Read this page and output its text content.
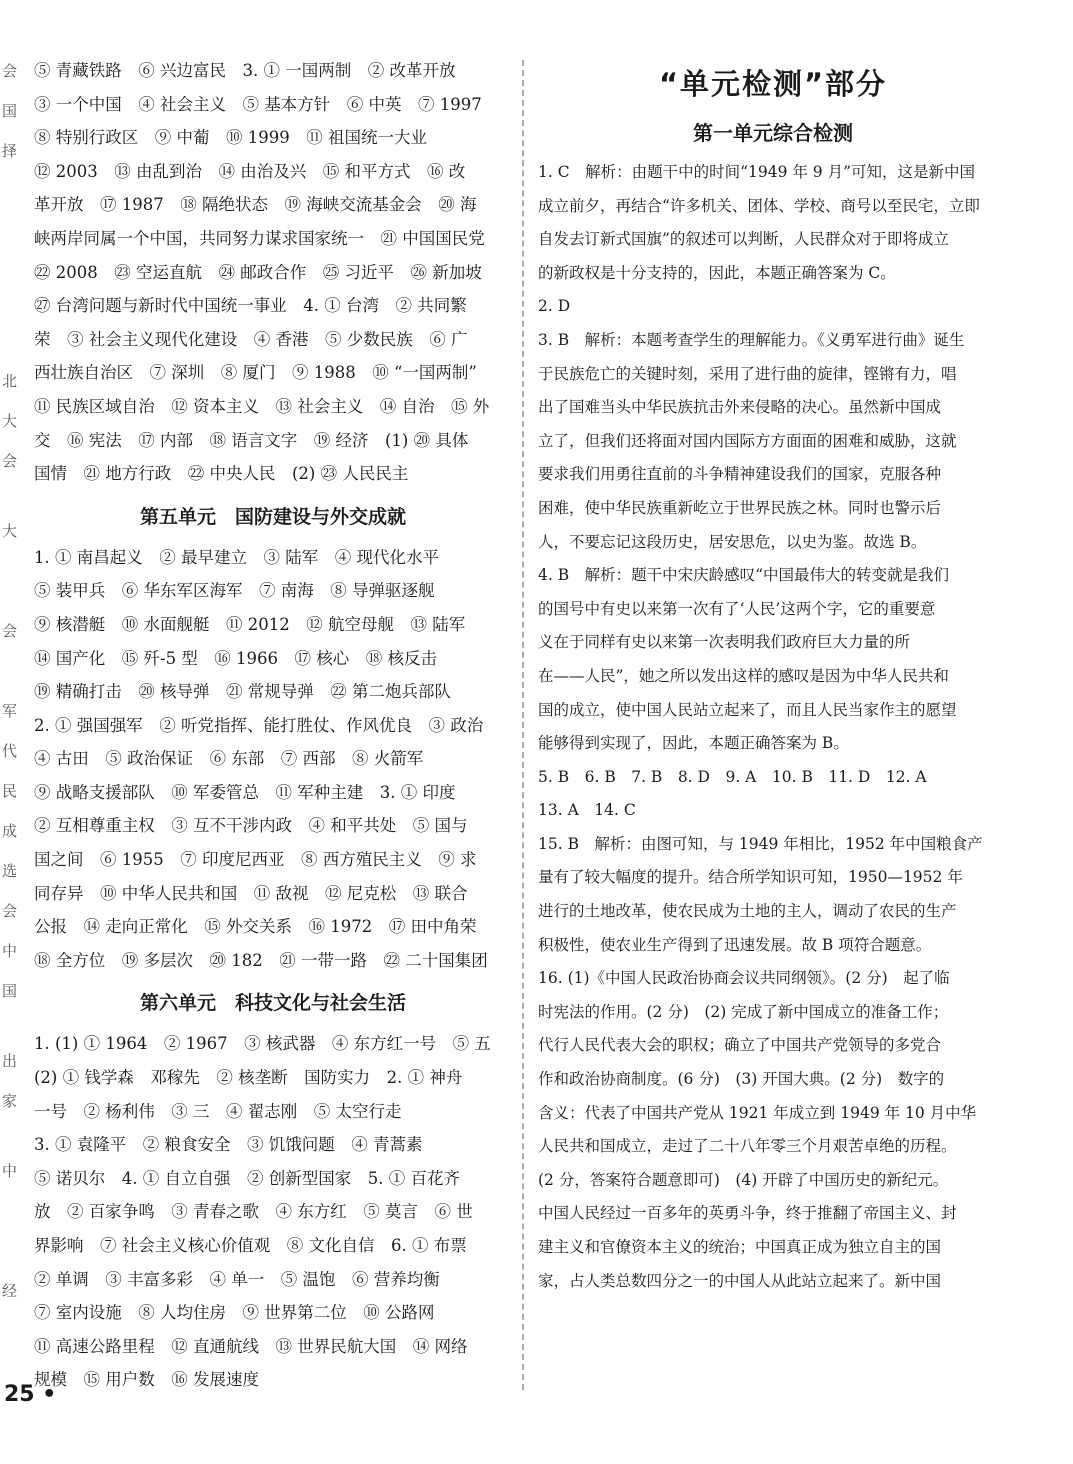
会
国
择
北
大
会
大
会
军
代
民
成
选
会
中
国
出
家
中
经
⑤ 青藏铁路　⑥ 兴边富民　3. ① 一国两制　② 改革开放
③ 一个中国　④ 社会主义　⑤ 基本方针　⑥ 中英　⑦ 1997
⑧ 特别行政区　⑨ 中葡　⑩ 1999　⑪ 祖国统一大业
⑫ 2003　⑬ 由乱到治　⑭ 由治及兴　⑮ 和平方式　⑯ 改
革开放　⑰ 1987　⑱ 隔绝状态　⑲ 海峡交流基金会　⑳ 海
峡两岸同属一个中国，共同努力谋求国家统一　㉑ 中国国民党
㉒ 2008　㉓ 空运直航　㉔ 邮政合作　㉕ 习近平　㉖ 新加坡
㉗ 台湾问题与新时代中国统一事业　4. ① 台湾　② 共同繁
荣　③ 社会主义现代化建设　④ 香港　⑤ 少数民族　⑥ 广
西壮族自治区　⑦ 深圳　⑧ 厦门　⑨ 1988　⑩ “一国两制”
⑪ 民族区域自治　⑫ 资本主义　⑬ 社会主义　⑭ 自治　⑮ 外
交　⑯ 宪法　⑰ 内部　⑱ 语言文字　⑲ 经济　(1) ⑳ 具体
国情　㉑ 地方行政　㉒ 中央人民　(2) ㉓ 人民民主
第五单元　国防建设与外交成就
1. ① 南昌起义　② 最早建立　③ 陆军　④ 现代化水平
⑤ 装甲兵　⑥ 华东军区海军　⑦ 南海　⑧ 导弹驱逐舰
⑨ 核潜艇　⑩ 水面舰艇　⑪ 2012　⑫ 航空母舰　⑬ 陆军
⑭ 国产化　⑮ 歼-5 型　⑯ 1966　⑰ 核心　⑱ 核反击
⑲ 精确打击　⑳ 核导弹　㉑ 常规导弹　㉒ 第二炮兵部队
2. ① 强国强军　② 听党指挥、能打胜仗、作风优良　③ 政治
④ 古田　⑤ 政治保证　⑥ 东部　⑦ 西部　⑧ 火箭军
⑨ 战略支援部队　⑩ 军委管总　⑪ 军种主建　3. ① 印度
② 互相尊重主权　③ 互不干涉内政　④ 和平共处　⑤ 国与
国之间　⑥ 1955　⑦ 印度尼西亚　⑧ 西方殖民主义　⑨ 求
同存异　⑩ 中华人民共和国　⑪ 敌视　⑫ 尼克松　⑬ 联合
公报　⑭ 走向正常化　⑮ 外交关系　⑯ 1972　⑰ 田中角荣
⑱ 全方位　⑲ 多层次　⑳ 182　㉑ 一带一路　㉒ 二十国集团
第六单元　科技文化与社会生活
1. (1) ① 1964　② 1967　③ 核武器　④ 东方红一号　⑤ 五
(2) ① 钱学森　邓稼先　② 核垄断　国防实力　2. ① 神舟
一号　② 杨利伟　③ 三　④ 翟志刚　⑤ 太空行走
3. ① 袁隆平　② 粮食安全　③ 饥饿问题　④ 青蒿素
⑤ 诺贝尔　4. ① 自立自强　② 创新型国家　5. ① 百花齐
放　② 百家争鸣　③ 青春之歌　④ 东方红　⑤ 莫言　⑥ 世
界影响　⑦ 社会主义核心价值观　⑧ 文化自信　6. ① 布票
② 单调　③ 丰富多彩　④ 单一　⑤ 温饱　⑥ 营养均衡
⑦ 室内设施　⑧ 人均住房　⑨ 世界第二位　⑩ 公路网
⑪ 高速公路里程　⑫ 直通航线　⑬ 世界民航大国　⑭ 网络
规模　⑮ 用户数　⑯ 发展速度
“单元检测”部分
第一单元综合检测
1. C　解析：由题干中的时间“1949 年 9 月”可知，这是新中国
成立前夕，再结合“许多机关、团体、学校、商号以至民宅，立即
自发去订新式国旗”的叙述可以判断，人民群众对于即将成立
的新政权是十分支持的，因此，本题正确答案为 C。
2. D
3. B　解析：本题考查学生的理解能力。《义勇军进行曲》诞生
于民族危亡的关键时刻，采用了进行曲的旋律，铿锵有力，唱
出了国难当头中华民族抗击外来侵略的决心。虽然新中国成
立了，但我们还将面对国内国际方方面面的困难和威胁，这就
要求我们用勇往直前的斗争精神建设我们的国家，克服各种
困难，使中华民族重新屹立于世界民族之林。同时也警示后
人，不要忘记这段历史，居安思危，以史为鉴。故选 B。
4. B　解析：题干中宋庆龄感叹“中国最伟大的转变就是我们
的国号中有史以来第一次有了‘人民’这两个字，它的重要意
义在于同样有史以来第一次表明我们政府巨大力量的所
在——人民”，她之所以发出这样的感叹是因为中华人民共和
国的成立，使中国人民站立起来了，而且人民当家作主的愿望
能够得到实现了，因此，本题正确答案为 B。
5. B　6. B　7. B　8. D　9. A　10. B　11. D　12. A
13. A　14. C
15. B　解析：由图可知，与 1949 年相比，1952 年中国粮食产
量有了较大幅度的提升。结合所学知识可知，1950—1952 年
进行的土地改革，使农民成为土地的主人，调动了农民的生产
积极性，使农业生产得到了迅速发展。故 B 项符合题意。
16. (1)《中国人民政治协商会议共同纲领》。(2 分)　起了临
时宪法的作用。(2 分)　(2) 完成了新中国成立的准备工作；
代行人民代表大会的职权；确立了中国共产党领导的多党合
作和政治协商制度。(6 分)　(3) 开国大典。(2 分)　数字的
含义：代表了中国共产党从 1921 年成立到 1949 年 10 月中华
人民共和国成立，走过了二十八年零三个月艰苦卓绝的历程。
(2 分，答案符合题意即可)　(4) 开辟了中国历史的新纪元。
中国人民经过一百多年的英勇斗争，终于推翻了帝国主义、封
建主义和官僚资本主义的统治；中国真正成为独立自主的国
家，占人类总数四分之一的中国人从此站立起来了。新中国
25 •
